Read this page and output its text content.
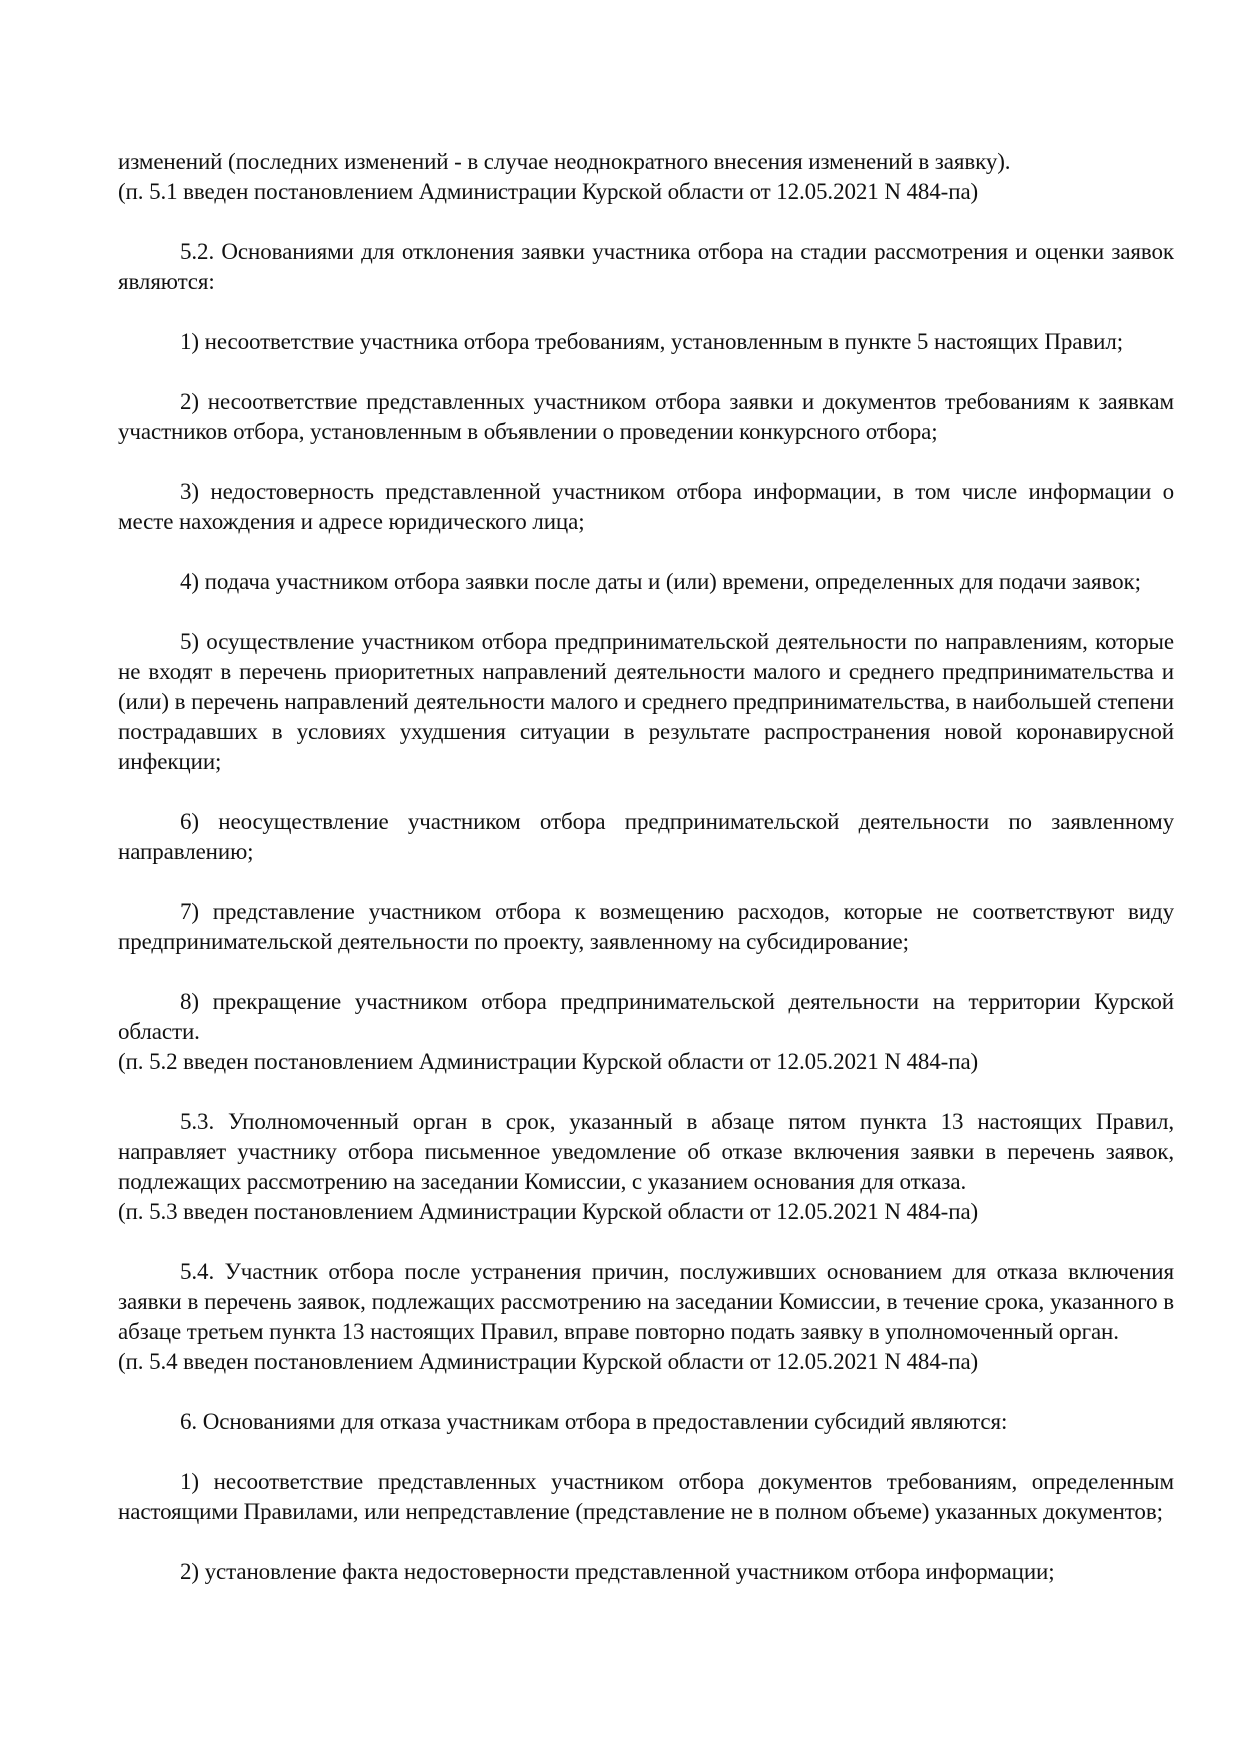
изменений (последних изменений - в случае неоднократного внесения изменений в заявку).

(п. 5.1 введен постановлением Администрации Курской области от 12.05.2021 N 484-па)

5.2. Основаниями для отклонения заявки участника отбора на стадии рассмотрения и оценки заявок являются:

1) несоответствие участника отбора требованиям, установленным в пункте 5 настоящих Правил;

2) несоответствие представленных участником отбора заявки и документов требованиям к заявкам участников отбора, установленным в объявлении о проведении конкурсного отбора;

3) недостоверность представленной участником отбора информации, в том числе информации о месте нахождения и адресе юридического лица;

4) подача участником отбора заявки после даты и (или) времени, определенных для подачи заявок;

5) осуществление участником отбора предпринимательской деятельности по направлениям, которые не входят в перечень приоритетных направлений деятельности малого и среднего предпринимательства и (или) в перечень направлений деятельности малого и среднего предпринимательства, в наибольшей степени пострадавших в условиях ухудшения ситуации в результате распространения новой коронавирусной инфекции;

6) неосуществление участником отбора предпринимательской деятельности по заявленному направлению;

7) представление участником отбора к возмещению расходов, которые не соответствуют виду предпринимательской деятельности по проекту, заявленному на субсидирование;

8) прекращение участником отбора предпринимательской деятельности на территории Курской области.

(п. 5.2 введен постановлением Администрации Курской области от 12.05.2021 N 484-па)

5.3. Уполномоченный орган в срок, указанный в абзаце пятом пункта 13 настоящих Правил, направляет участнику отбора письменное уведомление об отказе включения заявки в перечень заявок, подлежащих рассмотрению на заседании Комиссии, с указанием основания для отказа.

(п. 5.3 введен постановлением Администрации Курской области от 12.05.2021 N 484-па)

5.4. Участник отбора после устранения причин, послуживших основанием для отказа включения заявки в перечень заявок, подлежащих рассмотрению на заседании Комиссии, в течение срока, указанного в абзаце третьем пункта 13 настоящих Правил, вправе повторно подать заявку в уполномоченный орган.

(п. 5.4 введен постановлением Администрации Курской области от 12.05.2021 N 484-па)

6. Основаниями для отказа участникам отбора в предоставлении субсидий являются:

1) несоответствие представленных участником отбора документов требованиям, определенным настоящими Правилами, или непредставление (представление не в полном объеме) указанных документов;

2) установление факта недостоверности представленной участником отбора информации;
